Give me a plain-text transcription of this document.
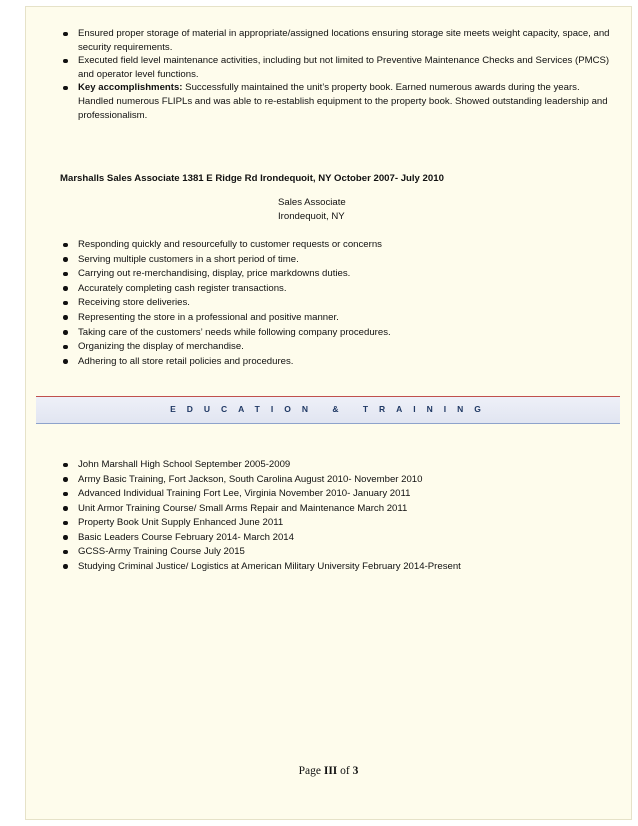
Ensured proper storage of material in appropriate/assigned locations ensuring storage site meets weight capacity, space, and security requirements.
Executed field level maintenance activities, including but not limited to Preventive Maintenance Checks and Services (PMCS) and operator level functions.
Key accomplishments: Successfully maintained the unit’s property book. Earned numerous awards during the years. Handled numerous FLIPLs and was able to re-establish equipment to the property book. Showed outstanding leadership and professionalism.
Marshalls Sales Associate 1381 E Ridge Rd Irondequoit, NY October 2007- July 2010
Sales Associate
Irondequoit, NY
Responding quickly and resourcefully to customer requests or concerns
Serving multiple customers in a short period of time.
Carrying out re-merchandising, display, price markdowns duties.
Accurately completing cash register transactions.
Receiving store deliveries.
Representing the store in a professional and positive manner.
Taking care of the customers’ needs while following company procedures.
Organizing the display of merchandise.
Adhering to all store retail policies and procedures.
EDUCATION & TRAINING
John Marshall High School September 2005-2009
Army Basic Training, Fort Jackson, South Carolina August 2010- November 2010
Advanced Individual Training Fort Lee, Virginia November 2010- January 2011
Unit Armor Training Course/ Small Arms Repair and Maintenance March 2011
Property Book Unit Supply Enhanced June 2011
Basic Leaders Course February 2014- March 2014
GCSS-Army Training Course July 2015
Studying Criminal Justice/ Logistics at American Military University February 2014-Present
Page III of 3
